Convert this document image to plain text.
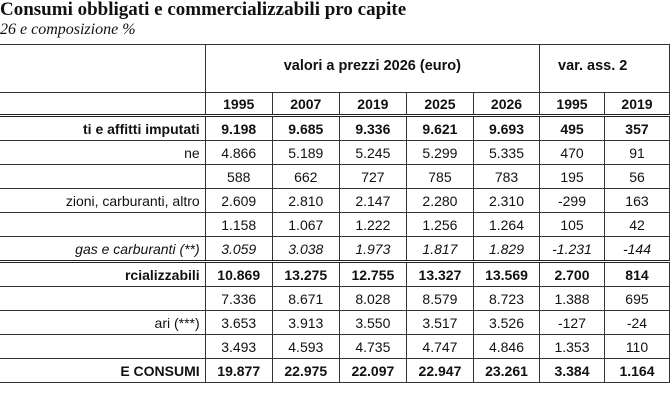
Consumi obbligati e commercializzabili pro capite
26 e composizione %
	valori a prezzi 2026 (euro)					var. ass. 2	
	1995	2007	2019	2025	2026	1995	2019
ti e affitti imputati	9.198	9.685	9.336	9.621	9.693	495	357
ne	4.866	5.189	5.245	5.299	5.335	470	91
	588	662	727	785	783	195	56
zioni, carburanti, altro	2.609	2.810	2.147	2.280	2.310	-299	163
	1.158	1.067	1.222	1.256	1.264	105	42
gas e carburanti (**)	3.059	3.038	1.973	1.817	1.829	-1.231	-144
rcializzabili	10.869	13.275	12.755	13.327	13.569	2.700	814
	7.336	8.671	8.028	8.579	8.723	1.388	695
ari (***)	3.653	3.913	3.550	3.517	3.526	-127	-24
	3.493	4.593	4.735	4.747	4.846	1.353	110
E CONSUMI	19.877	22.975	22.097	22.947	23.261	3.384	1.164
